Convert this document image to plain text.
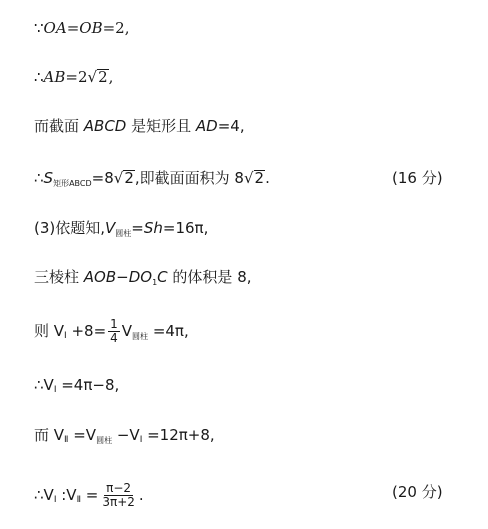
∵OA=OB=2,
∴AB=2√2,
而截面 ABCD 是矩形且 AD=4,
$\therefore S_{矩形ABCD}=8√2$,即截面面积为 8√2.	(16 分)
(3)依题知$,V_{圆柱}=Sh=16\pi$,
三棱柱 $AOB-DO_1C$ 的体积是 8,
则 VⅠ $+8= \frac{1}{4} V_{圆柱} =4\pi$,
∴VⅠ =4π−8,
而 VⅡ $=V_{圆柱}$ −VⅠ =12π+8,
∴VⅠ :VⅡ = $\frac{\pi-2}{3\pi+2}$ .	(20 分)
